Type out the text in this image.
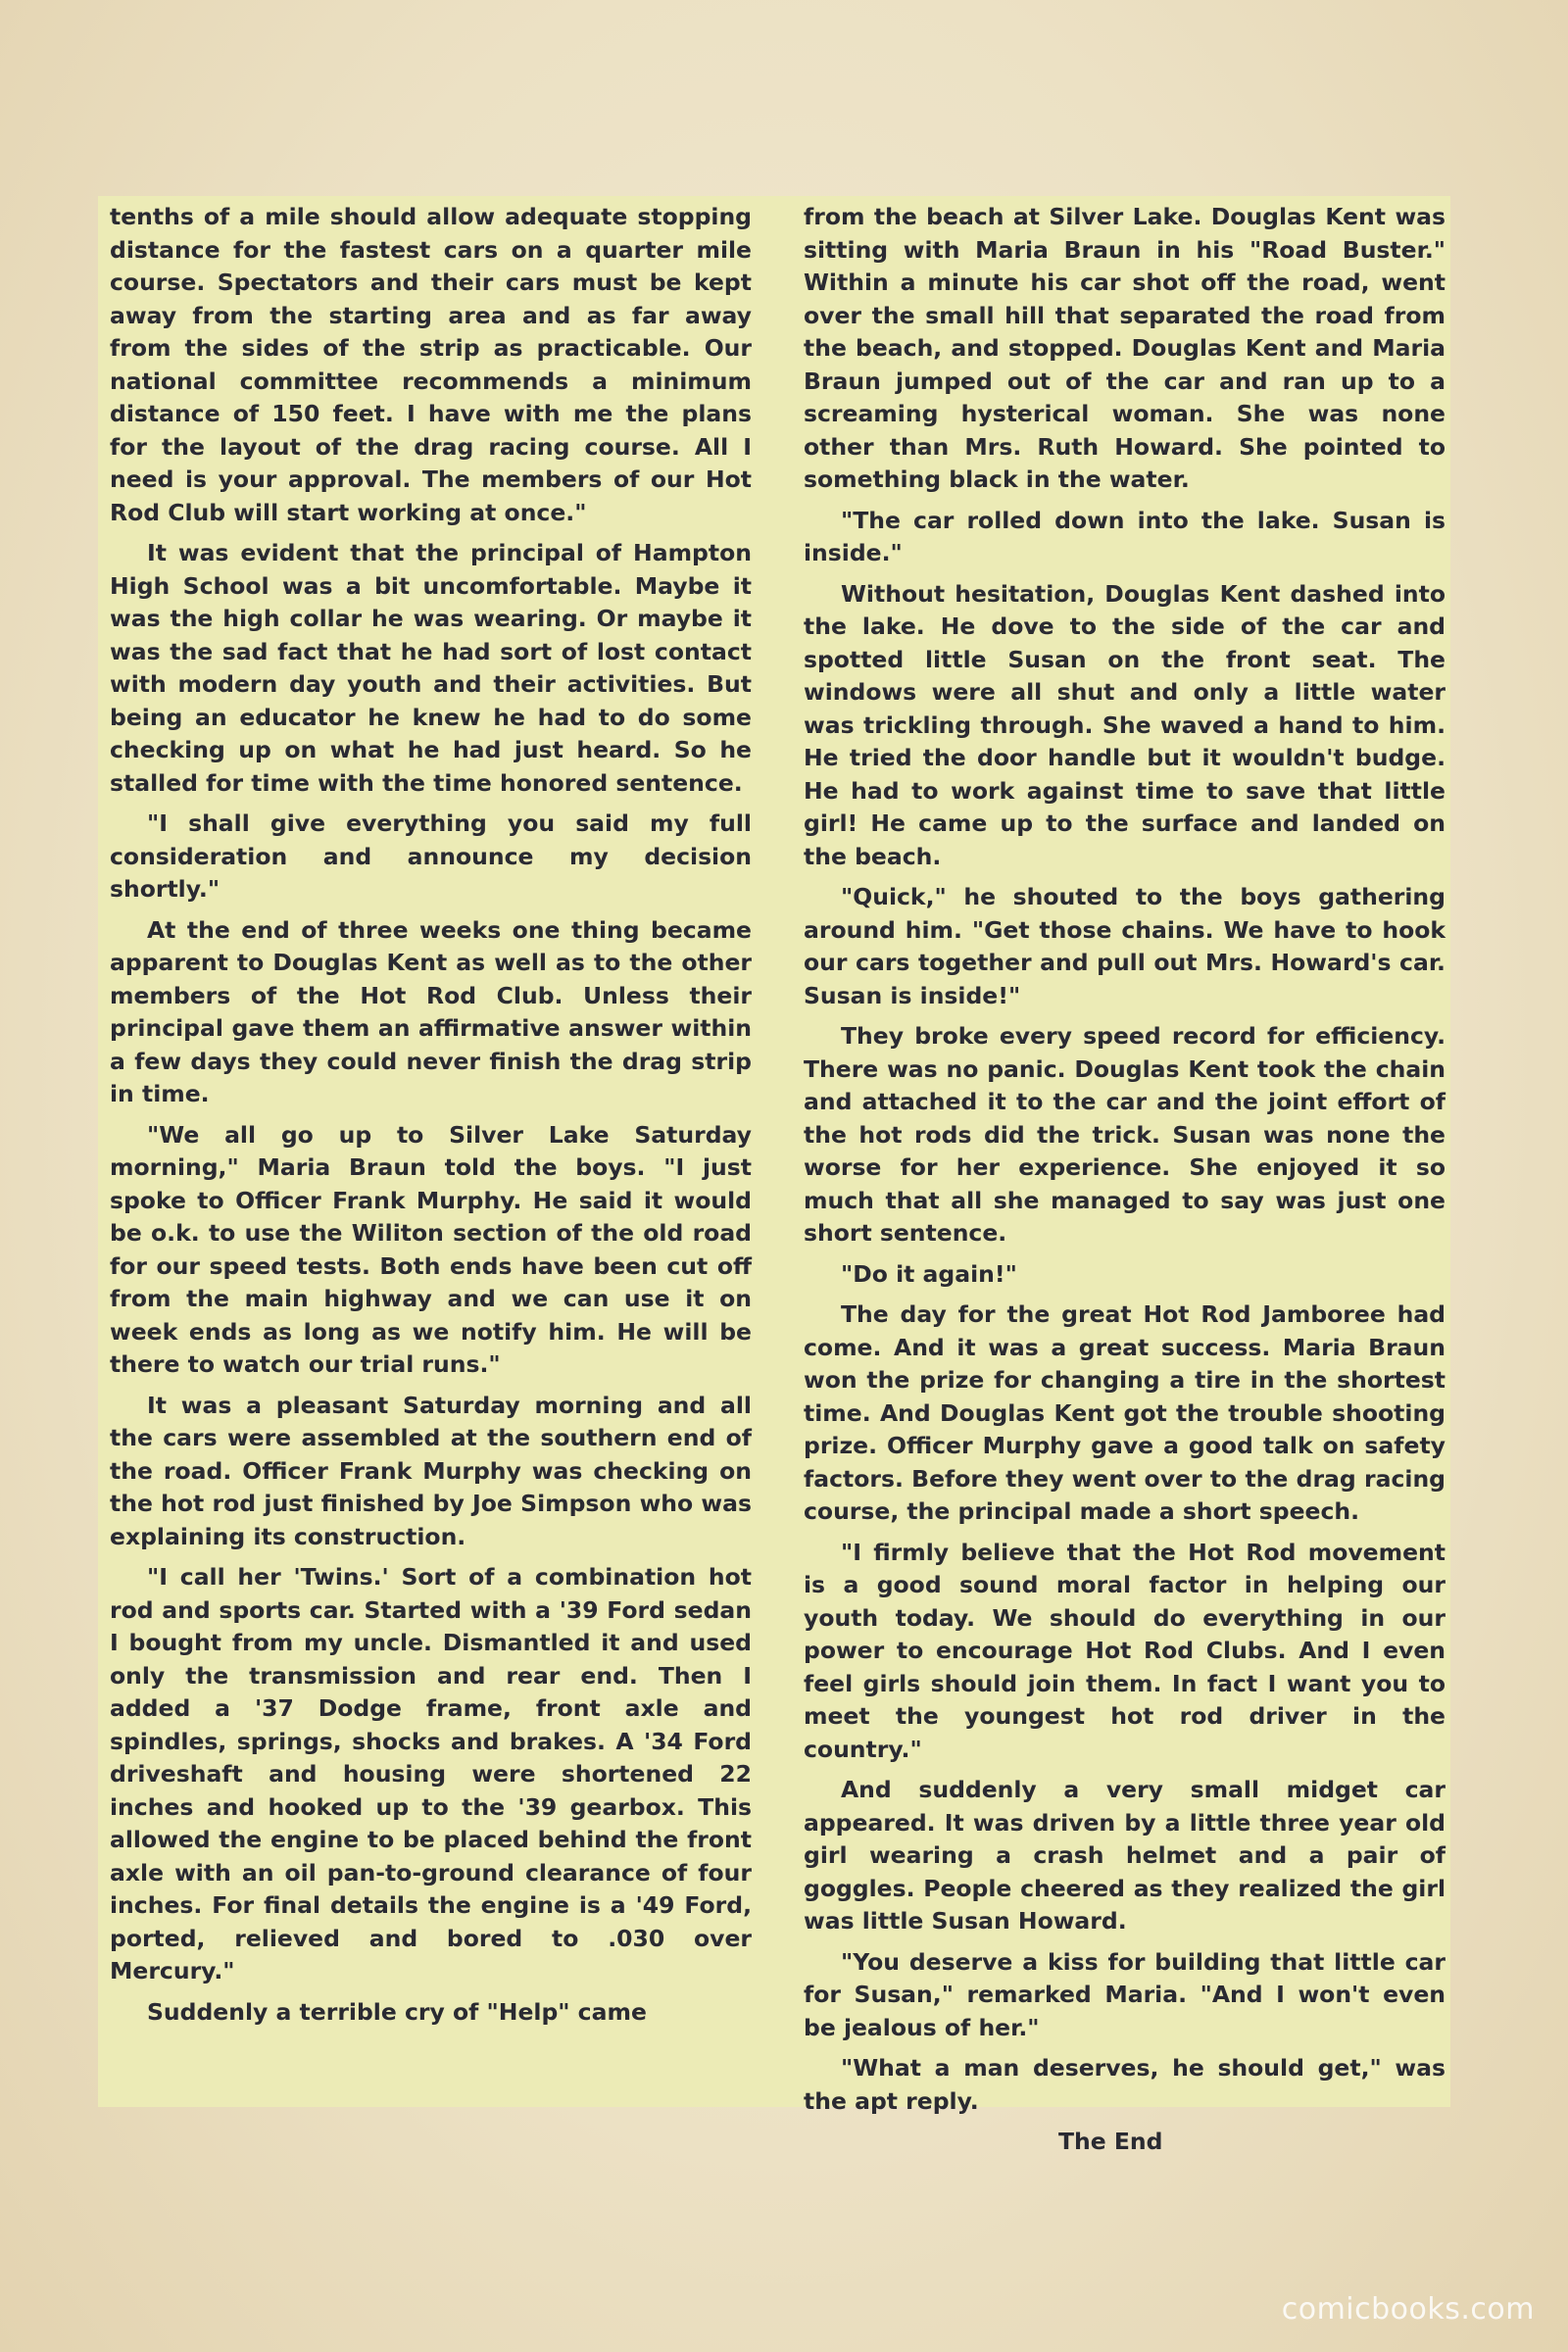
tenths of a mile should allow adequate stopping distance for the fastest cars on a quarter mile course. Spectators and their cars must be kept away from the starting area and as far away from the sides of the strip as practicable. Our national committee recommends a minimum distance of 150 feet. I have with me the plans for the layout of the drag racing course. All I need is your approval. The members of our Hot Rod Club will start working at once."

It was evident that the principal of Hampton High School was a bit uncomfortable. Maybe it was the high collar he was wearing. Or maybe it was the sad fact that he had sort of lost contact with modern day youth and their activities. But being an educator he knew he had to do some checking up on what he had just heard. So he stalled for time with the time honored sentence.

"I shall give everything you said my full consideration and announce my decision shortly."

At the end of three weeks one thing became apparent to Douglas Kent as well as to the other members of the Hot Rod Club. Unless their principal gave them an affirmative answer within a few days they could never finish the drag strip in time.

"We all go up to Silver Lake Saturday morning," Maria Braun told the boys. "I just spoke to Officer Frank Murphy. He said it would be o.k. to use the Wiliton section of the old road for our speed tests. Both ends have been cut off from the main highway and we can use it on week ends as long as we notify him. He will be there to watch our trial runs."

It was a pleasant Saturday morning and all the cars were assembled at the southern end of the road. Officer Frank Murphy was checking on the hot rod just finished by Joe Simpson who was explaining its construction.

"I call her 'Twins.' Sort of a combination hot rod and sports car. Started with a '39 Ford sedan I bought from my uncle. Dismantled it and used only the transmission and rear end. Then I added a '37 Dodge frame, front axle and spindles, springs, shocks and brakes. A '34 Ford driveshaft and housing were shortened 22 inches and hooked up to the '39 gearbox. This allowed the engine to be placed behind the front axle with an oil pan-to-ground clearance of four inches. For final details the engine is a '49 Ford, ported, relieved and bored to .030 over Mercury."

Suddenly a terrible cry of "Help" came

from the beach at Silver Lake. Douglas Kent was sitting with Maria Braun in his "Road Buster." Within a minute his car shot off the road, went over the small hill that separated the road from the beach, and stopped. Douglas Kent and Maria Braun jumped out of the car and ran up to a screaming hysterical woman. She was none other than Mrs. Ruth Howard. She pointed to something black in the water.

"The car rolled down into the lake. Susan is inside."

Without hesitation, Douglas Kent dashed into the lake. He dove to the side of the car and spotted little Susan on the front seat. The windows were all shut and only a little water was trickling through. She waved a hand to him. He tried the door handle but it wouldn't budge. He had to work against time to save that little girl! He came up to the surface and landed on the beach.

"Quick," he shouted to the boys gathering around him. "Get those chains. We have to hook our cars together and pull out Mrs. Howard's car. Susan is inside!"

They broke every speed record for efficiency. There was no panic. Douglas Kent took the chain and attached it to the car and the joint effort of the hot rods did the trick. Susan was none the worse for her experience. She enjoyed it so much that all she managed to say was just one short sentence.

"Do it again!"

The day for the great Hot Rod Jamboree had come. And it was a great success. Maria Braun won the prize for changing a tire in the shortest time. And Douglas Kent got the trouble shooting prize. Officer Murphy gave a good talk on safety factors. Before they went over to the drag racing course, the principal made a short speech.

"I firmly believe that the Hot Rod movement is a good sound moral factor in helping our youth today. We should do everything in our power to encourage Hot Rod Clubs. And I even feel girls should join them. In fact I want you to meet the youngest hot rod driver in the country."

And suddenly a very small midget car appeared. It was driven by a little three year old girl wearing a crash helmet and a pair of goggles. People cheered as they realized the girl was little Susan Howard.

"You deserve a kiss for building that little car for Susan," remarked Maria. "And I won't even be jealous of her."

"What a man deserves, he should get," was the apt reply.

The End

comicbooks.com
